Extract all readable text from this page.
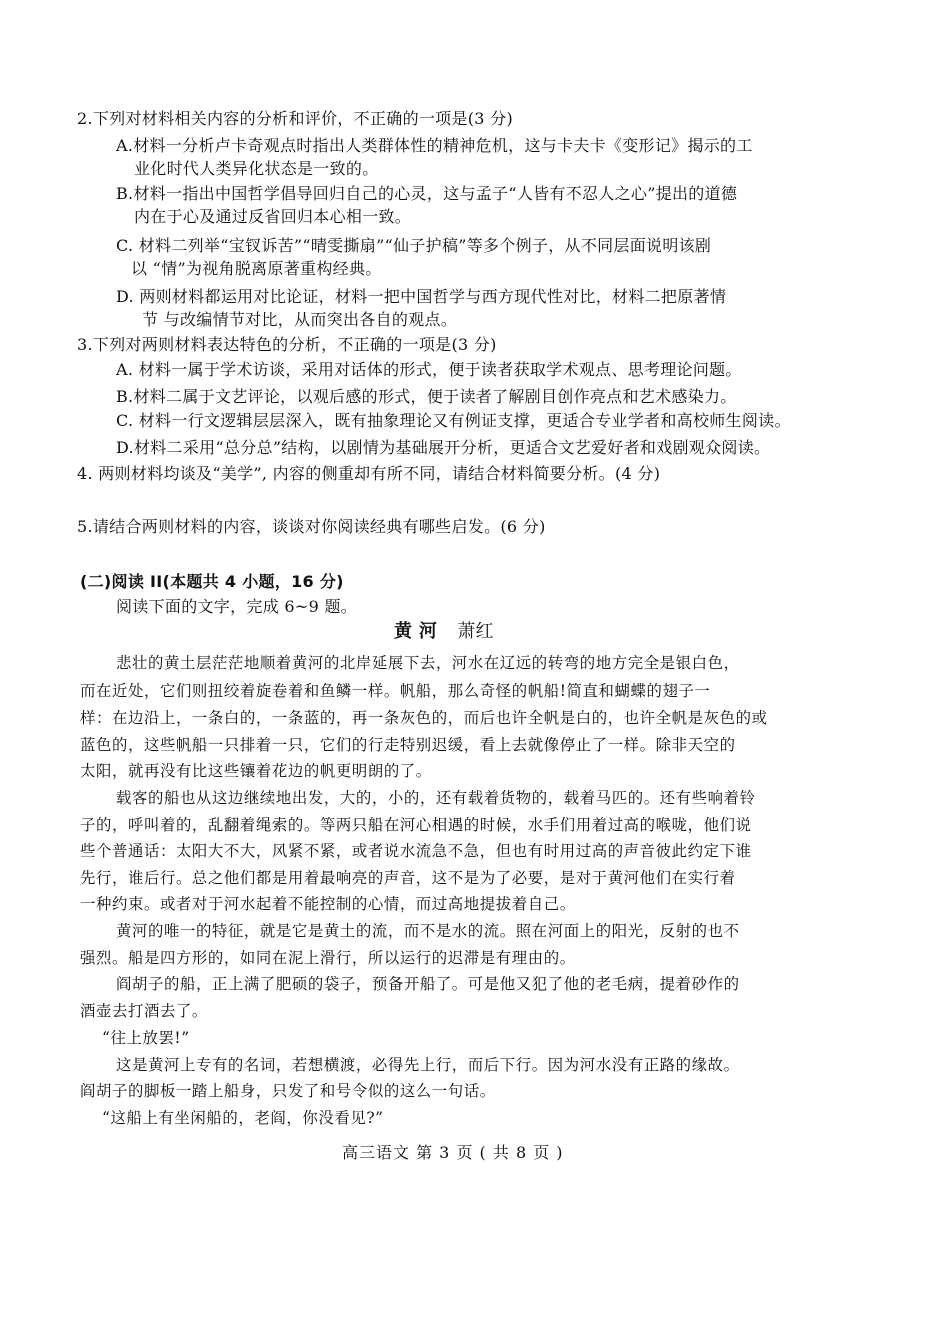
2.下列对材料相关内容的分析和评价，不正确的一项是(3 分)
A.材料一分析卢卡奇观点时指出人类群体性的精神危机，这与卡夫卡《变形记》揭示的工
业化时代人类异化状态是一致的。
B.材料一指出中国哲学倡导回归自己的心灵，这与孟子“人皆有不忍人之心”提出的道德
内在于心及通过反省回归本心相一致。
C. 材料二列举“宝钗诉苦”“晴雯撕扇”“仙子护稿”等多个例子，从不同层面说明该剧
以 “情”为视角脱离原著重构经典。
D. 两则材料都运用对比论证，材料一把中国哲学与西方现代性对比，材料二把原著情
节 与改编情节对比，从而突出各自的观点。
3.下列对两则材料表达特色的分析，不正确的一项是(3 分)
A. 材料一属于学术访谈，采用对话体的形式，便于读者获取学术观点、思考理论问题。
B.材料二属于文艺评论，以观后感的形式，便于读者了解剧目创作亮点和艺术感染力。
C. 材料一行文逻辑层层深入，既有抽象理论又有例证支撑，更适合专业学者和高校师生阅读。
D.材料二采用“总分总”结构，以剧情为基础展开分析，更适合文艺爱好者和戏剧观众阅读。
4. 两则材料均谈及“美学”, 内容的侧重却有所不同，请结合材料简要分析。(4 分)
5.请结合两则材料的内容，谈谈对你阅读经典有哪些启发。(6 分)
(二)阅读 II(本题共 4 小题，16 分)
阅读下面的文字，完成 6~9 题。
黄 河 萧红
悲壮的黄土层茫茫地顺着黄河的北岸延展下去，河水在辽远的转弯的地方完全是银白色，
而在近处，它们则扭绞着旋卷着和鱼鳞一样。帆船，那么奇怪的帆船!简直和蝴蝶的翅子一
样：在边沿上，一条白的，一条蓝的，再一条灰色的，而后也许全帆是白的，也许全帆是灰色的或
蓝色的，这些帆船一只排着一只，它们的行走特别迟缓，看上去就像停止了一样。除非天空的
太阳，就再没有比这些镶着花边的帆更明朗的了。
载客的船也从这边继续地出发，大的，小的，还有载着货物的，载着马匹的。还有些响着铃
子的，呼叫着的，乱翻着绳索的。等两只船在河心相遇的时候，水手们用着过高的喉咙，他们说
些个普通话：太阳大不大，风紧不紧，或者说水流急不急，但也有时用过高的声音彼此约定下谁
先行，谁后行。总之他们都是用着最响亮的声音，这不是为了必要，是对于黄河他们在实行着
一种约束。或者对于河水起着不能控制的心情，而过高地提拔着自己。
黄河的唯一的特征，就是它是黄土的流，而不是水的流。照在河面上的阳光，反射的也不
强烈。船是四方形的，如同在泥上滑行，所以运行的迟滞是有理由的。
阎胡子的船，正上满了肥硕的袋子，预备开船了。可是他又犯了他的老毛病，提着砂作的
酒壶去打酒去了。
“往上放罢!”
这是黄河上专有的名词，若想横渡，必得先上行，而后下行。因为河水没有正路的缘故。
阎胡子的脚板一踏上船身，只发了和号令似的这么一句话。
“这船上有坐闲船的，老阎，你没看见?”
高三语文 第 3 页 ( 共 8 页 )
